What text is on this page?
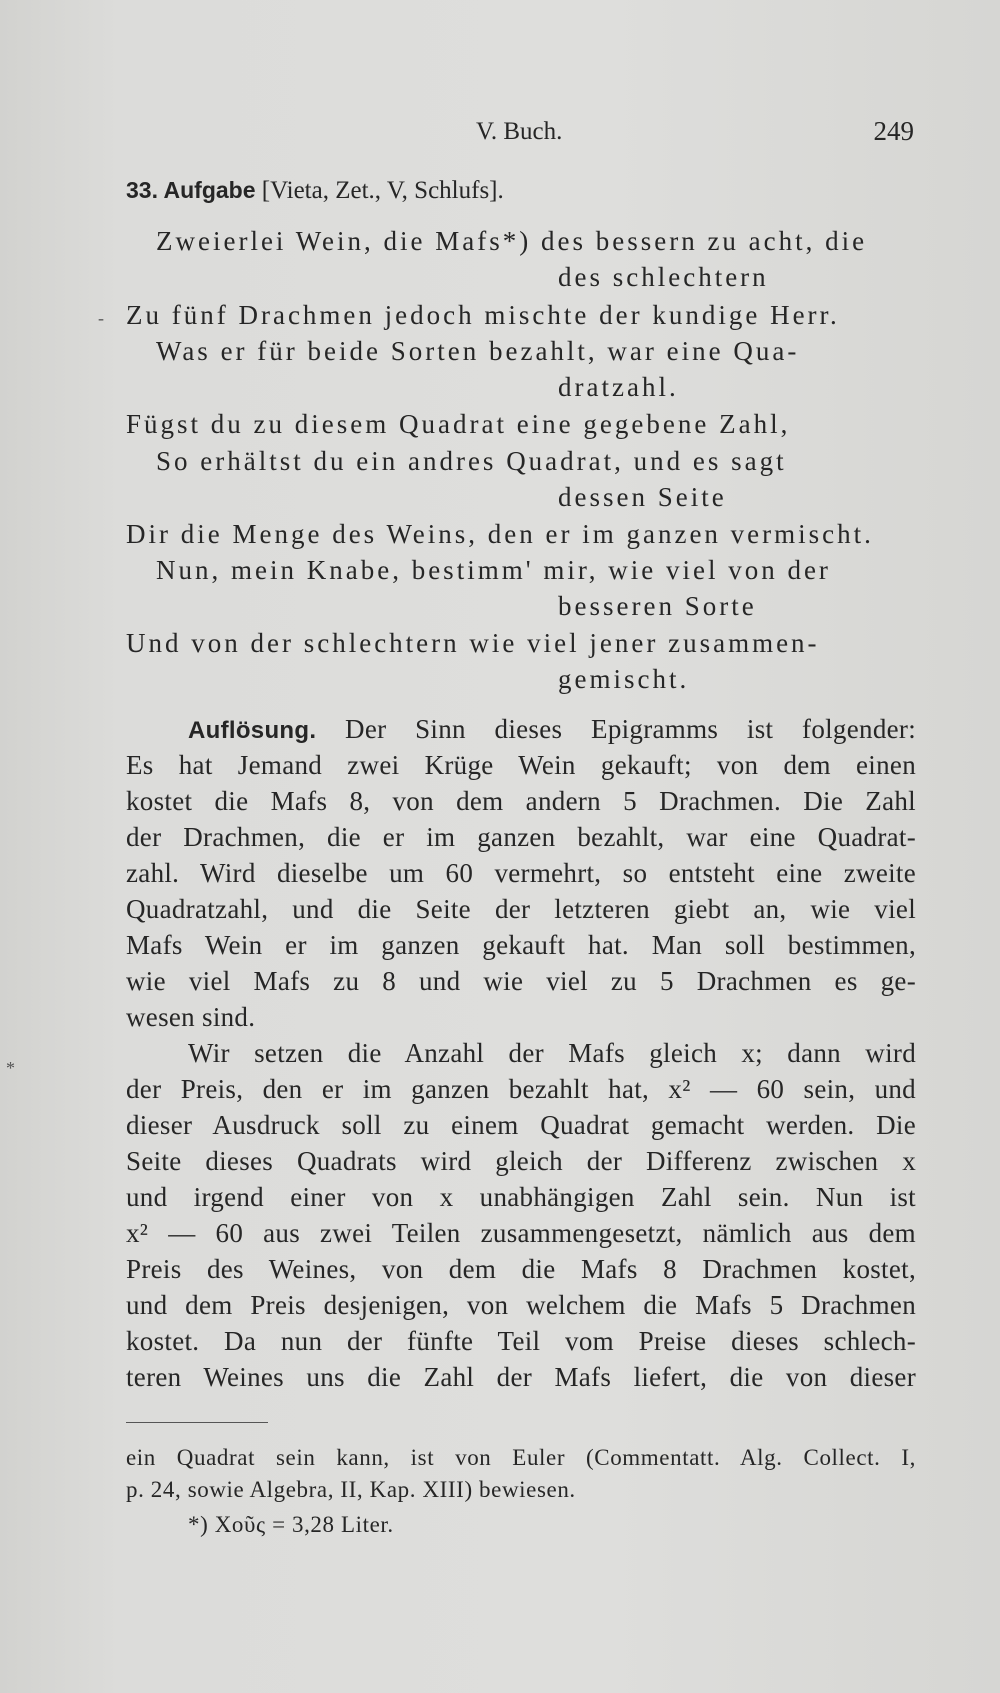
V. Buch.	249
33. Aufgabe [Vieta, Zet., V, Schlufs].
Zweierlei Wein, die Mafs*) des bessern zu acht, die
des schlechtern
Zu fünf Drachmen jedoch mischte der kundige Herr.
Was er für beide Sorten bezahlt, war eine Qua-
dratzahl.
Fügst du zu diesem Quadrat eine gegebene Zahl,
So erhältst du ein andres Quadrat, und es sagt
dessen Seite
Dir die Menge des Weins, den er im ganzen vermischt.
Nun, mein Knabe, bestimm' mir, wie viel von der
besseren Sorte
Und von der schlechtern wie viel jener zusammen-
gemischt.
Auflösung. Der Sinn dieses Epigramms ist folgender:
Es hat Jemand zwei Krüge Wein gekauft; von dem einen
kostet die Mafs 8, von dem andern 5 Drachmen. Die Zahl
der Drachmen, die er im ganzen bezahlt, war eine Quadrat-
zahl. Wird dieselbe um 60 vermehrt, so entsteht eine zweite
Quadratzahl, und die Seite der letzteren giebt an, wie viel
Mafs Wein er im ganzen gekauft hat. Man soll bestimmen,
wie viel Mafs zu 8 und wie viel zu 5 Drachmen es ge-
wesen sind.
Wir setzen die Anzahl der Mafs gleich x; dann wird
der Preis, den er im ganzen bezahlt hat, x² — 60 sein, und
dieser Ausdruck soll zu einem Quadrat gemacht werden. Die
Seite dieses Quadrats wird gleich der Differenz zwischen x
und irgend einer von x unabhängigen Zahl sein. Nun ist
x² — 60 aus zwei Teilen zusammengesetzt, nämlich aus dem
Preis des Weines, von dem die Mafs 8 Drachmen kostet,
und dem Preis desjenigen, von welchem die Mafs 5 Drachmen
kostet. Da nun der fünfte Teil vom Preise dieses schlech-
teren Weines uns die Zahl der Mafs liefert, die von dieser
ein Quadrat sein kann, ist von Euler (Commentatt. Alg. Collect. I,
p. 24, sowie Algebra, II, Kap. XIII) bewiesen.
*) Χοῦς = 3,28 Liter.
-
*
